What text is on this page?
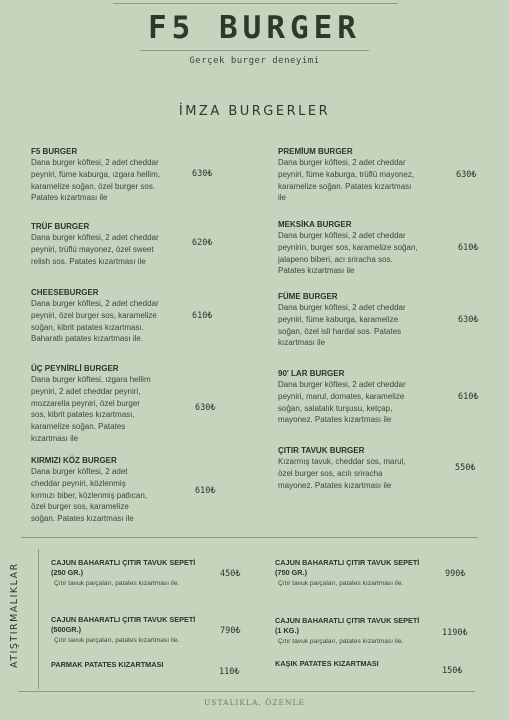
F5 BURGER
Gerçek burger deneyimi
İMZA BURGERLER
F5 BURGER
Dana burger köftesi, 2 adet cheddar
peyniri, füme kaburga, ızgara hellim,
karamelize soğan, özel burger sos.
Patates kızartması ile
630₺
TRÜF BURGER
Dana burger köftesi, 2 adet cheddar
peyniri, trüflü mayonez, özel sweet
relish sos. Patates kızartması ile
620₺
CHEESEBURGER
Dana burger köftesi, 2 adet cheddar
peyniri, özel burger sos, karamelize
soğan, kibrit patates kızartması.
Baharatlı patates kızartması ile.
610₺
ÜÇ PEYNİRLİ BURGER
Dana burger köftesi, ızgara hellim
peyniri, 2 adet cheddar peyniri,
mozzarella peyniri, özel burger
sos, kibrit patates kızartması,
karamelize soğan. Patates
kızartması ile
630₺
KIRMIZI KÖZ BURGER
Dana burger köftesi, 2 adet
cheddar peyniri, közlenmiş
kırmızı biber, közlenmiş patlıcan,
özel burger sos, karamelize
soğan. Patates kızartması ile
610₺
PREMİUM BURGER
Dana burger köftesi, 2 adet cheddar
peyniri, füme kaburga, trüflü mayonez,
karamelize soğan. Patates kızartması
ile
630₺
MEKSİKA BURGER
Dana burger köftesi, 2 adet cheddar
peynirin, burger sos, karamelize soğan,
jalapeno biberi, acı sriracha sos.
Patates kızartması ile
610₺
FÜME BURGER
Dana burger köftesi, 2 adet cheddar
peyniri, füme kaburga, karamelize
soğan, özel isli hardal sos. Patates
kızartması ile
630₺
90' LAR BURGER
Dana burger köftesi, 2 adet cheddar
peyniri, marul, domates, karamelize
soğan, salatalık turşusu, ketçap,
mayonez. Patates kızartması ile
610₺
ÇITIR TAVUK BURGER
Kızarmış tavuk, cheddar sos, marul,
özel burger sos, acılı sriracha
mayonez. Patates kızartması ile
550₺
ATIŞTIRMALIKLAR	CAJUN BAHARATLI ÇITIR TAVUK SEPETİ
(250 GR.)
Çıtır tavuk parçaları, patates kızartması ile.
450₺
CAJUN BAHARATLI ÇITIR TAVUK SEPETİ
(500GR.)
Çıtır tavuk parçaları, patates kızartması ile.
790₺
PARMAK PATATES KIZARTMASI
110₺
CAJUN BAHARATLI ÇITIR TAVUK SEPETİ
(750 GR.)
Çıtır tavuk parçaları, patates kızartması ile.
990₺
CAJUN BAHARATLI ÇITIR TAVUK SEPETİ
(1 KG.)
Çıtır tavuk parçaları, patates kızartması ile.
1190₺
KAŞIK PATATES KIZARTMASI
150₺
USTALIKLA, ÖZENLE
